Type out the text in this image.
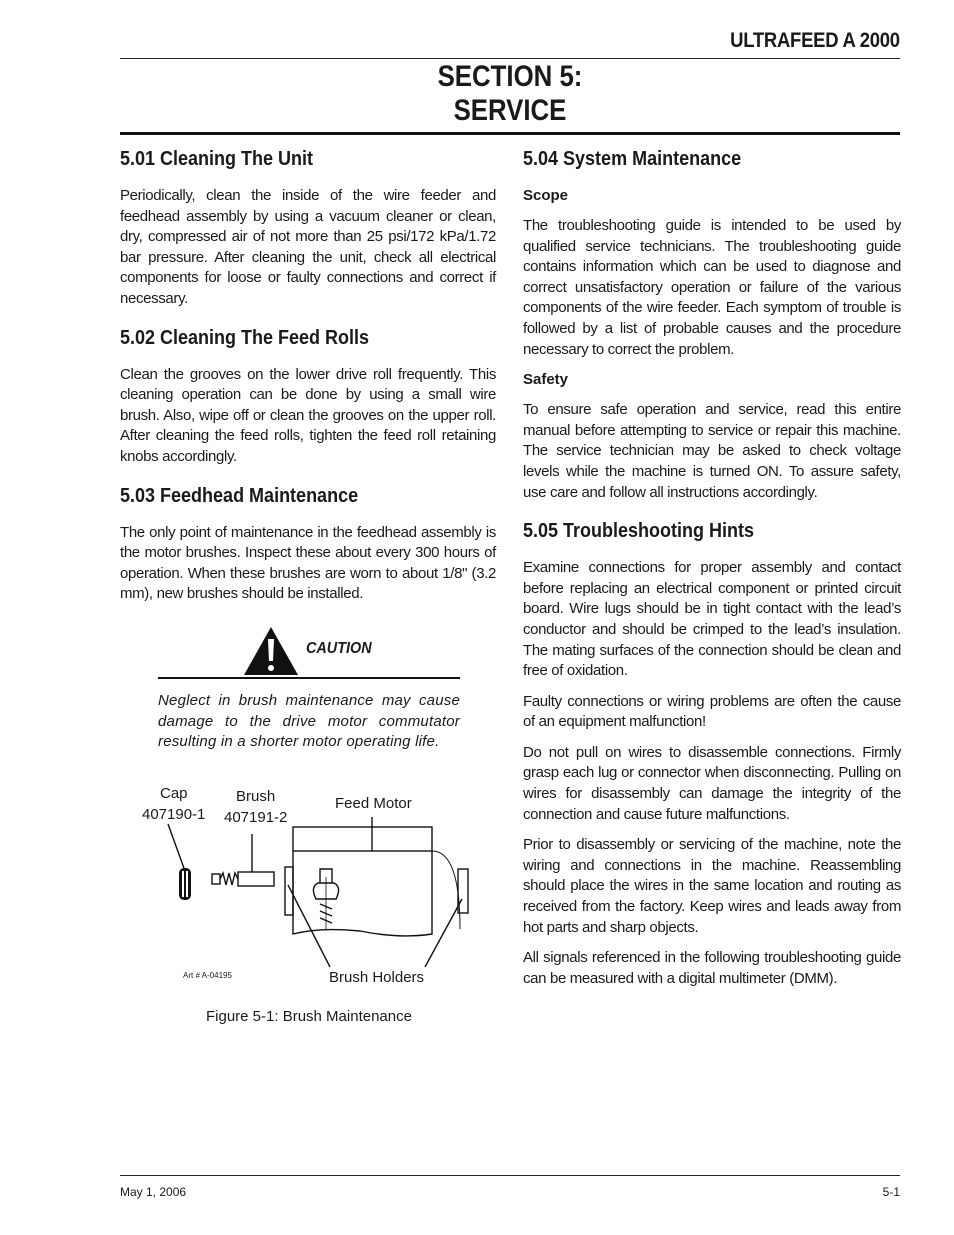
ULTRAFEED A 2000
SECTION 5:
SERVICE
5.01 Cleaning The Unit

Periodically, clean the inside of the wire feeder and feedhead assembly by using a vacuum cleaner or clean, dry, compressed air of not more than 25 psi/172 kPa/1.72 bar pressure. After cleaning the unit, check all electrical components for loose or faulty connections and correct if necessary.

5.02 Cleaning The Feed Rolls

Clean the grooves on the lower drive roll frequently. This cleaning operation can be done by using a small wire brush. Also, wipe off or clean the grooves on the upper roll. After cleaning the feed rolls, tighten the feed roll retaining knobs accordingly.

5.03 Feedhead Maintenance

The only point of maintenance in the feedhead assembly is the motor brushes. Inspect these about every 300 hours of operation. When these brushes are worn to about 1/8" (3.2 mm), new brushes should be installed.

CAUTION
Neglect in brush maintenance may cause damage to the drive motor commutator resulting in a shorter motor operating life.
Cap
407190-1
Brush
407191-2
Feed Motor
Brush Holders
Art # A-04195
Figure 5-1: Brush Maintenance
5.04 System Maintenance
Scope

The troubleshooting guide is intended to be used by qualified service technicians. The troubleshooting guide contains information which can be used to diagnose and correct unsatisfactory operation or failure of the various components of the wire feeder. Each symptom of trouble is followed by a list of probable causes and the procedure necessary to correct the problem.

Safety

To ensure safe operation and service, read this entire manual before attempting to service or repair this machine. The service technician may be asked to check voltage levels while the machine is turned ON. To assure safety, use care and follow all instructions accordingly.

5.05 Troubleshooting Hints

Examine connections for proper assembly and contact before replacing an electrical component or printed circuit board. Wire lugs should be in tight contact with the lead’s conductor and should be crimped to the lead’s insulation. The mating surfaces of the connection should be clean and free of oxidation.

Faulty connections or wiring problems are often the cause of an equipment malfunction!

Do not pull on wires to disassemble connections. Firmly grasp each lug or connector when disconnecting. Pulling on wires for disassembly can damage the integrity of the connection and cause future malfunctions.

Prior to disassembly or servicing of the machine, note the wiring and connections in the machine. Reassembling should place the wires in the same location and routing as received from the factory. Keep wires and leads away from hot parts and sharp objects.

All signals referenced in the following troubleshooting guide can be measured with a digital multimeter (DMM).

May 1, 2006	5-1
